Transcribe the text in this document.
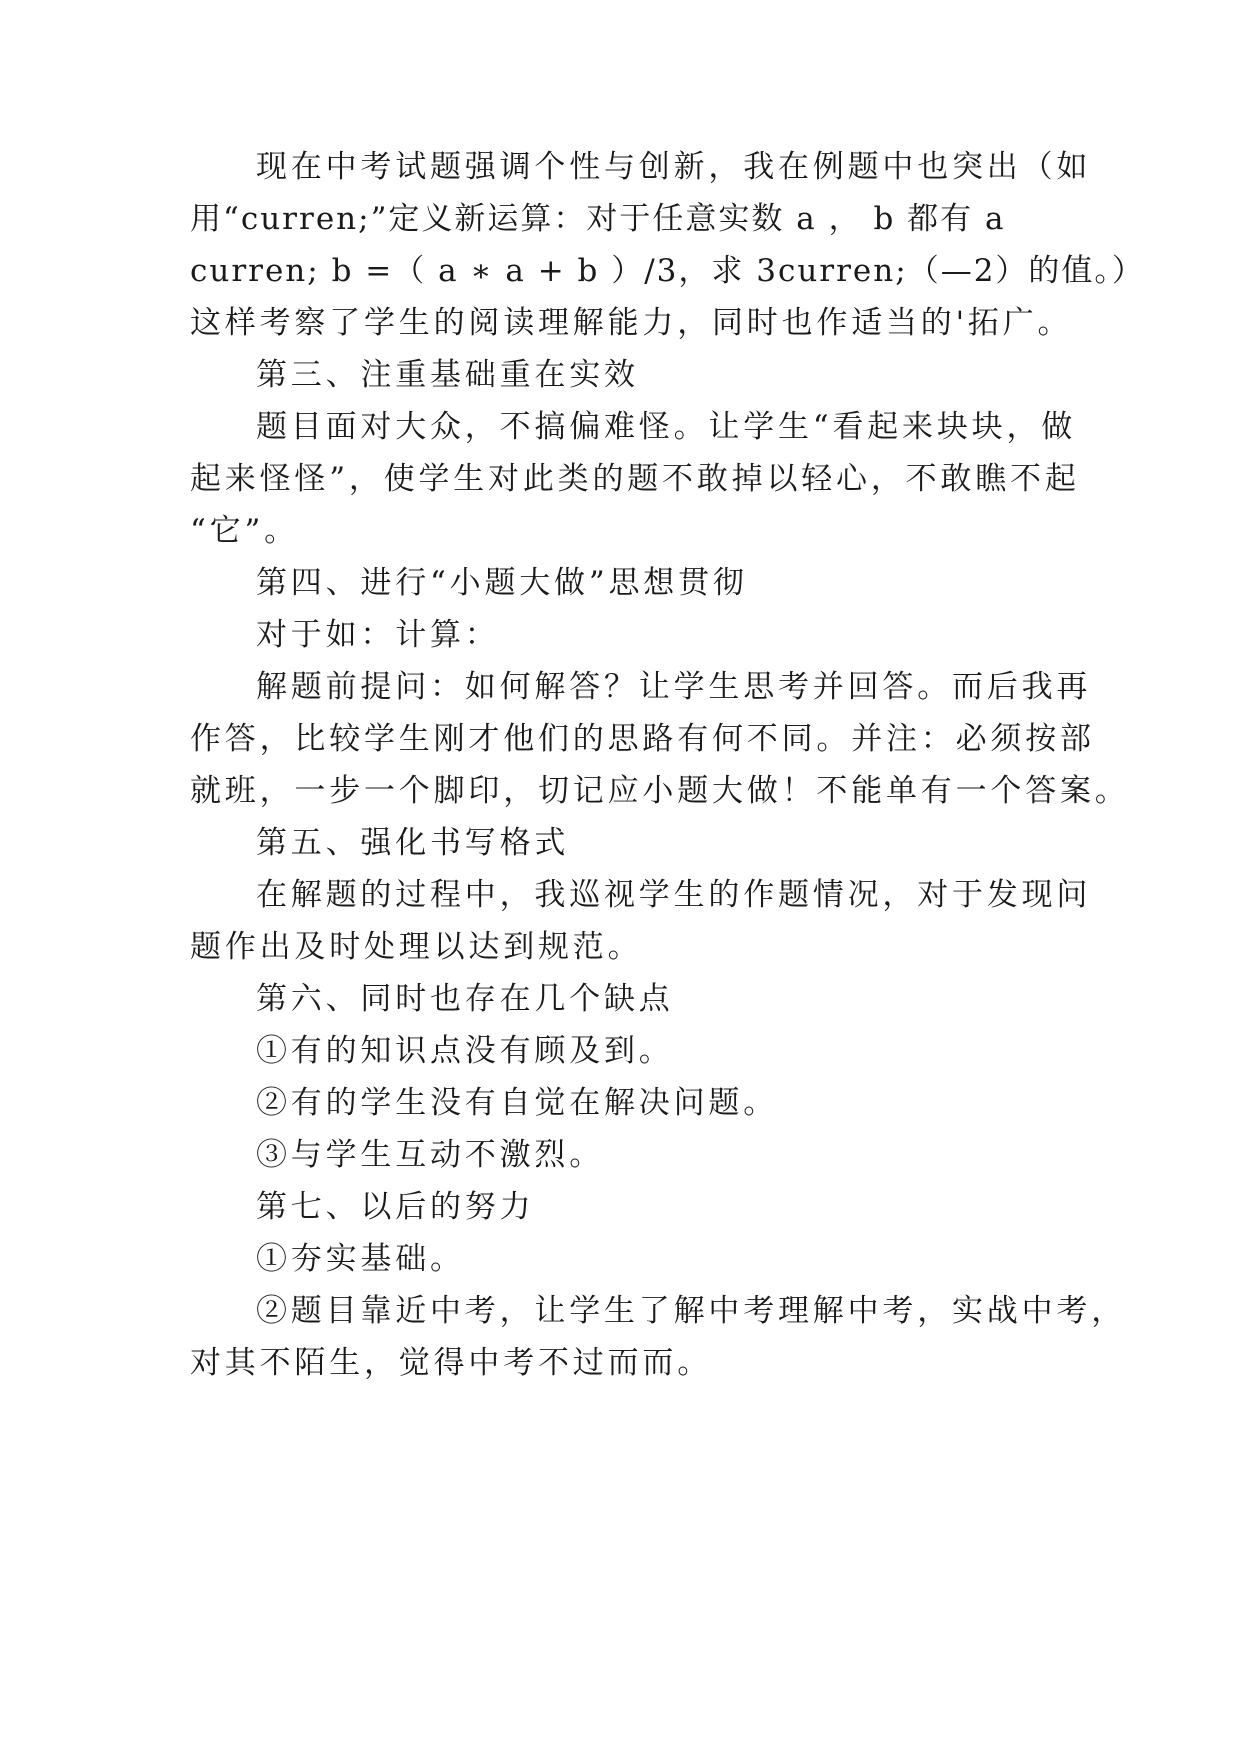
现在中考试题强调个性与创新，我在例题中也突出（如
用“curren;”定义新运算：对于任意实数 a ， b 都有 a
curren; b =（ a ∗ a + b ）/3，求 3curren;（—2）的值。）
这样考察了学生的阅读理解能力，同时也作适当的'拓广。
第三、注重基础重在实效
题目面对大众，不搞偏难怪。让学生“看起来块块，做
起来怪怪”，使学生对此类的题不敢掉以轻心，不敢瞧不起
“它”。
第四、进行“小题大做”思想贯彻
对于如：计算：
解题前提问：如何解答？让学生思考并回答。而后我再
作答，比较学生刚才他们的思路有何不同。并注：必须按部
就班，一步一个脚印，切记应小题大做！不能单有一个答案。
第五、强化书写格式
在解题的过程中，我巡视学生的作题情况，对于发现问
题作出及时处理以达到规范。
第六、同时也存在几个缺点
①有的知识点没有顾及到。
②有的学生没有自觉在解决问题。
③与学生互动不激烈。
第七、以后的努力
①夯实基础。
②题目靠近中考，让学生了解中考理解中考，实战中考，
对其不陌生，觉得中考不过而而。
